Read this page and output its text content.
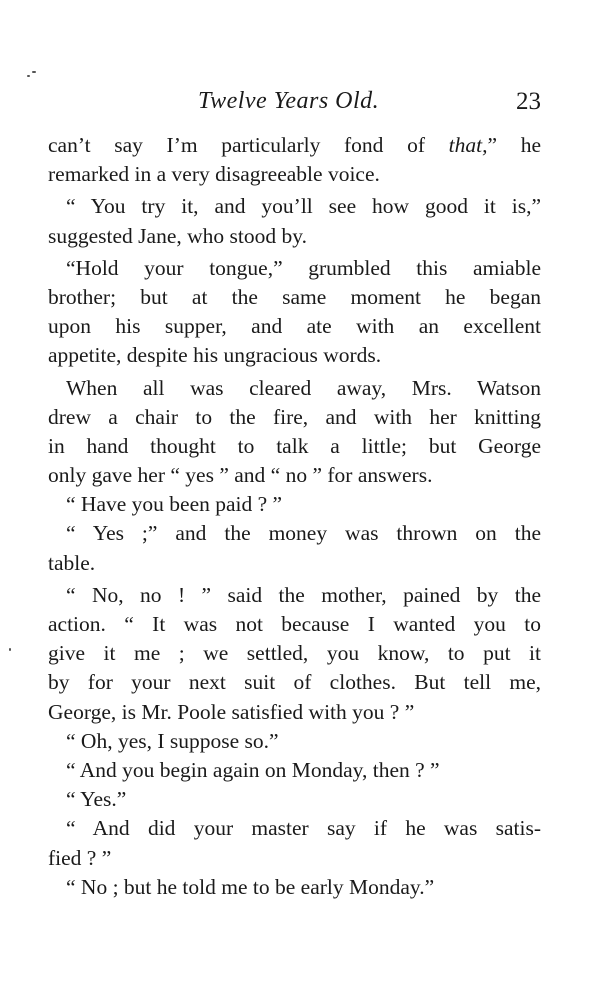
Twelve Years Old.	23
can’t say I’m particularly fond of that,” he
remarked in a very disagreeable voice.
“ You try it, and you’ll see how good it is,”
suggested Jane, who stood by.
“Hold your tongue,” grumbled this amiable
brother; but at the same moment he began
upon his supper, and ate with an excellent
appetite, despite his ungracious words.
When all was cleared away, Mrs. Watson
drew a chair to the fire, and with her knitting
in hand thought to talk a little; but George
only gave her “ yes ” and “ no ” for answers.
“ Have you been paid ? ”
“ Yes ;” and the money was thrown on the
table.
“ No, no ! ” said the mother, pained by the
action. “ It was not because I wanted you to
give it me ; we settled, you know, to put it
by for your next suit of clothes. But tell me,
George, is Mr. Poole satisfied with you ? ”
“ Oh, yes, I suppose so.”
“ And you begin again on Monday, then ? ”
“ Yes.”
“ And did your master say if he was satis-
fied ? ”
“ No ; but he told me to be early Monday.”
